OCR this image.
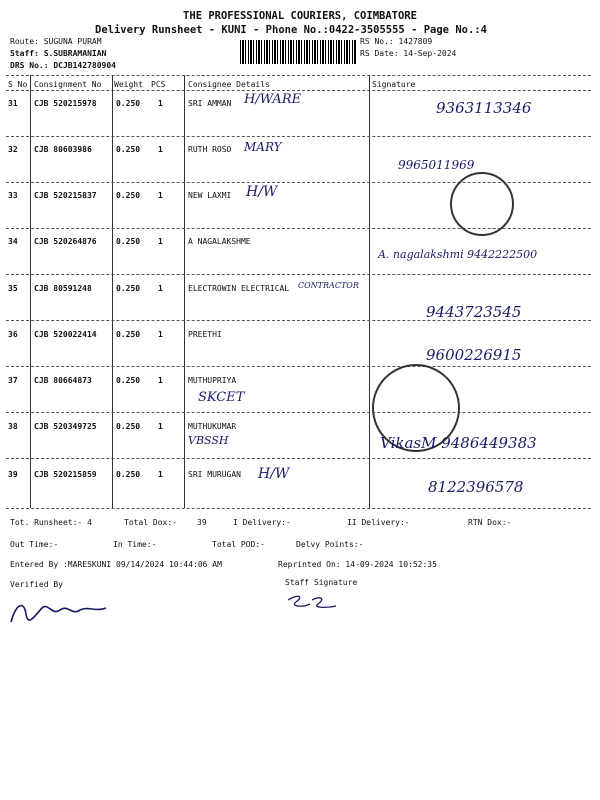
THE PROFESSIONAL COURIERS, COIMBATORE
Delivery Runsheet - KUNI - Phone No.:0422-3505555 - Page No.:4
Route: SUGUNA PURAM
Staff: S.SUBRAMANIAN
DRS No.: DCJB142780904
RS No.: 1427809
RS Date: 14-Sep-2024
S No Consignment No Weight PCS	Consignee Details	Signature
31 CJB 520215978 0.250 1	SRI AMMAN H/WARE	9363113346
32 CJB 80603986	0.250 1	RUTH ROSO MARY
9965011969
33 CJB 520215837 0.250 1	NEW LAXMI H/W
34 CJB 520264876 0.250 1	A NAGALAKSHME
A. nagalakshmi 9442222500
35 CJB 80591248	0.250 1	ELECTROWIN ELECTRICAL CONTRACTOR
9443723545
36 CJB 520022414 0.250 1	PREETHI
9600226915
37 CJB 80664873	0.250 1	MUTHUPRIYA
SKCET
38 CJB 520349725 0.250 1	MUTHUKUMAR
VBSSH	VikasM 9486449383
39 CJB 520215859 0.250 1	SRI MURUGAN H/W
8122396578
Tot. Runsheet:- 4	Total Dox:-	39	I Delivery:-	II Delivery:-	RTN Dox:-
Out Time:-	In Time:-	Total POD:-	Delvy Points:-
Entered By :MARESKUNI 09/14/2024 10:44:06 AM	Reprinted On: 14-09-2024 10:52:35
Verified By	Staff Signature
